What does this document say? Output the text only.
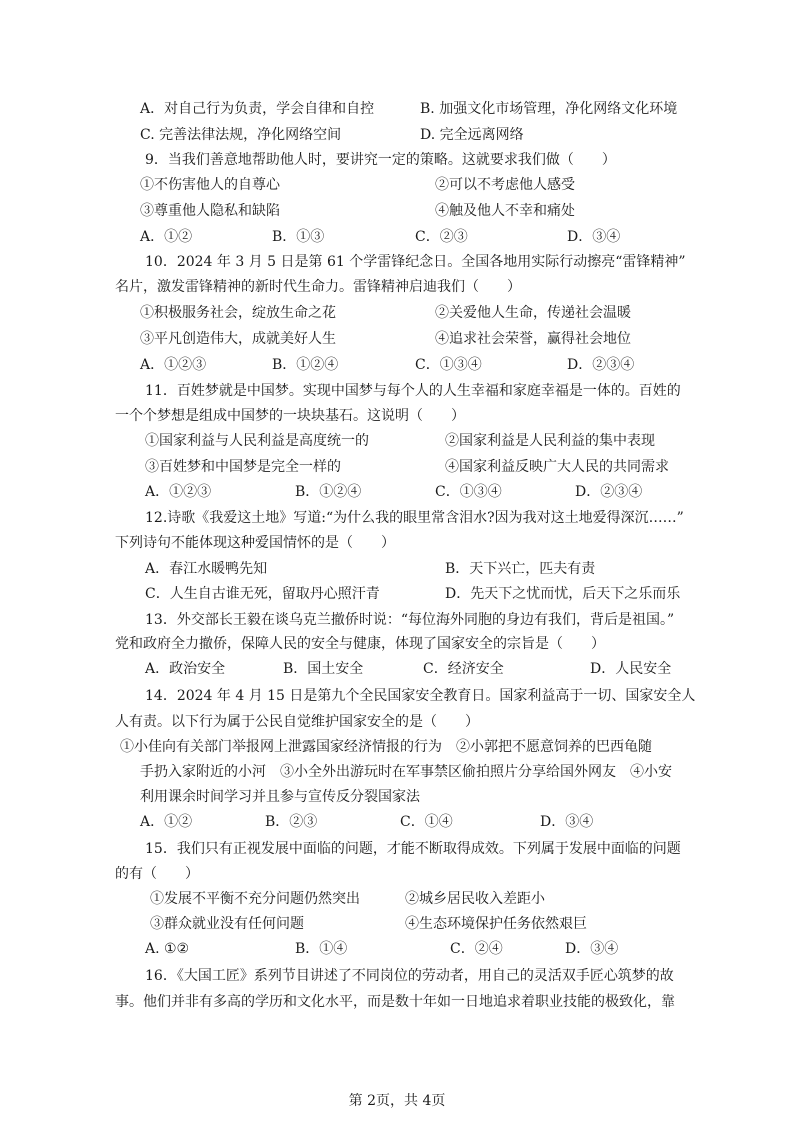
A．对自己行为负责，学会自律和自控	B. 加强文化市场管理，净化网络文化环境
C. 完善法律法规，净化网络空间	D. 完全远离网络
9．当我们善意地帮助他人时，要讲究一定的策略。这就要求我们做（　　）
①不伤害他人的自尊心	②可以不考虑他人感受
③尊重他人隐私和缺陷	④触及他人不幸和痛处
A．①②	B．①③	C．②③	D．③④
10．2024 年 3 月 5 日是第 61 个学雷锋纪念日。全国各地用实际行动擦亮“雷锋精神”
名片，激发雷锋精神的新时代生命力。雷锋精神启迪我们（　　）
①积极服务社会，绽放生命之花	②关爱他人生命，传递社会温暖
③平凡创造伟大，成就美好人生	④追求社会荣誉，赢得社会地位
A．①②③	B．①②④	C．①③④	D．②③④
11．百姓梦就是中国梦。实现中国梦与每个人的人生幸福和家庭幸福是一体的。百姓的
一个个梦想是组成中国梦的一块块基石。这说明（　　）
①国家利益与人民利益是高度统一的	②国家利益是人民利益的集中表现
③百姓梦和中国梦是完全一样的	④国家利益反映广大人民的共同需求
A．①②③	B．①②④	C．①③④	D．②③④
12.诗歌《我爱这土地》写道:“为什么我的眼里常含泪水?因为我对这土地爱得深沉……”
下列诗句不能体现这种爱国情怀的是（　　）
A．春江水暖鸭先知	B．天下兴亡，匹夫有责
C．人生自古谁无死，留取丹心照汗青	D．先天下之忧而忧，后天下之乐而乐
13．外交部长王毅在谈乌克兰撤侨时说：“每位海外同胞的身边有我们，背后是祖国。”
党和政府全力撤侨，保障人民的安全与健康，体现了国家安全的宗旨是（　　）
A．政治安全	B．国土安全	C．经济安全	D．人民安全
14．2024 年 4 月 15 日是第九个全民国家安全教育日。国家利益高于一切、国家安全人
人有责。以下行为属于公民自觉维护国家安全的是（　　）
①小佳向有关部门举报网上泄露国家经济情报的行为　②小郭把不愿意饲养的巴西龟随
手扔入家附近的小河　③小全外出游玩时在军事禁区偷拍照片分享给国外网友　④小安
利用课余时间学习并且参与宣传反分裂国家法
A．①②	B．②③	C．①④	D．③④
15．我们只有正视发展中面临的问题，才能不断取得成效。下列属于发展中面临的问题
的有（　　）
①发展不平衡不充分问题仍然突出	②城乡居民收入差距小
③群众就业没有任何问题	④生态环境保护任务依然艰巨
A. ①②	B．①④	C．②④	D．③④
16．《大国工匠》系列节目讲述了不同岗位的劳动者，用自己的灵活双手匠心筑梦的故
事。他们并非有多高的学历和文化水平，而是数十年如一日地追求着职业技能的极致化，靠
第 2页，共 4页
